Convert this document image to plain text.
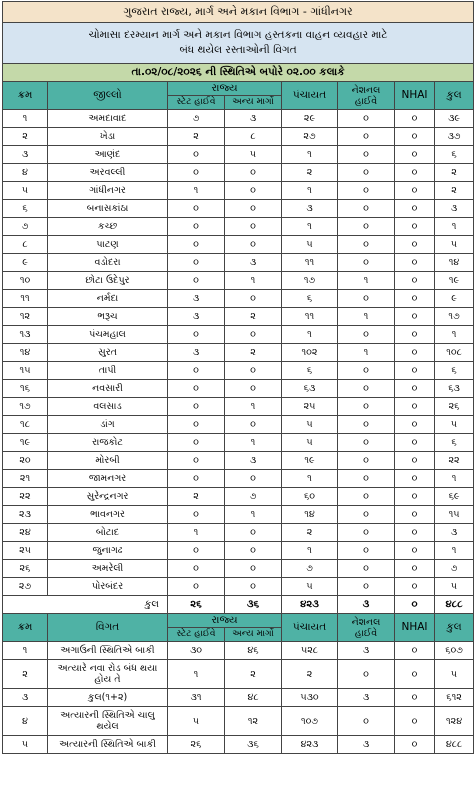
ગુજરાત રાજ્ય, માર્ગ અને મકાન વિભાગ - ગાંધીનગર							

ચોમાસા દરમ્યાન માર્ગ અને મકાન વિભાગ હસ્તકના વાહન વ્યવહાર માટે
બંધ થયેલ રસ્તાઓની વિગત							

તા.૦૨/૦૮/૨૦૨૬ ની સ્થિતિએ બપોરે ૦૨.૦૦ કલાકે							
ક્રમ	જીલ્લો	રાજ્ય		પંચાયત	નેશનલ
હાઈવે	NHAI	કુલ
		સ્ટેટ હાઈવે	અન્ય માર્ગો				
૧	અમદાવાદ	૭	૩	૨૯	૦	૦	૩૯
૨	ખેડા	૨	૮	૨૭	૦	૦	૩૭
૩	આણંદ	૦	૫	૧	૦	૦	૬
૪	અરવલ્લી	૦	૦	૨	૦	૦	૨
૫	ગાંધીનગર	૧	૦	૧	૦	૦	૨
૬	બનાસકાંઠા	૦	૦	૩	૦	૦	૩
૭	કચ્છ	૦	૦	૧	૦	૦	૧
૮	પાટણ	૦	૦	૫	૦	૦	૫
૯	વડોદરા	૦	૩	૧૧	૦	૦	૧૪
૧૦	છોટા ઉદેપુર	૦	૧	૧૭	૧	૦	૧૯
૧૧	નર્મદા	૩	૦	૬	૦	૦	૯
૧૨	ભરૂચ	૩	૨	૧૧	૧	૦	૧૭
૧૩	પંચમહાલ	૦	૦	૧	૦	૦	૧
૧૪	સુરત	૩	૨	૧૦૨	૧	૦	૧૦૮
૧૫	તાપી	૦	૦	૬	૦	૦	૬
૧૬	નવસારી	૦	૦	૬૩	૦	૦	૬૩
૧૭	વલસાડ	૦	૧	૨૫	૦	૦	૨૬
૧૮	ડાંગ	૦	૦	૫	૦	૦	૫
૧૯	રાજકોટ	૦	૧	૫	૦	૦	૬
૨૦	મોરબી	૦	૩	૧૯	૦	૦	૨૨
૨૧	જામનગર	૦	૦	૧	૦	૦	૧
૨૨	સુરેન્દ્રનગર	૨	૭	૬૦	૦	૦	૬૯
૨૩	ભાવનગર	૦	૧	૧૪	૦	૦	૧૫
૨૪	બોટાદ	૧	૦	૨	૦	૦	૩
૨૫	જુનાગઢ	૦	૦	૧	૦	૦	૧
૨૬	અમરેલી	૦	૦	૭	૦	૦	૭
૨૭	પોરબંદર	૦	૦	૫	૦	૦	૫
કુલ		૨૬	૩૬	૪૨૩	૩	૦	૪૮૮
ક્રમ	વિગત	રાજ્ય		પંચાયત	નેશનલ
હાઈવે	NHAI	કુલ
		સ્ટેટ હાઈવે	અન્ય માર્ગો				
૧	અગાઉની સ્થિતિએ બાકી	૩૦	૪૬	૫૨૮	૩	૦	૬૦૭
૨	અત્યારે નવા રોડ બંધ થયા હોય તે	૧	૨	૨	૦	૦	૫
૩	કુલ(૧+૨)	૩૧	૪૮	૫૩૦	૩	૦	૬૧૨
૪	અત્યારની સ્થિતિએ ચાલુ થયેલ	૫	૧૨	૧૦૭	૦	૦	૧૨૪
૫	અત્યારની સ્થિતિએ બાકી	૨૬	૩૬	૪૨૩	૩	૦	૪૮૮
